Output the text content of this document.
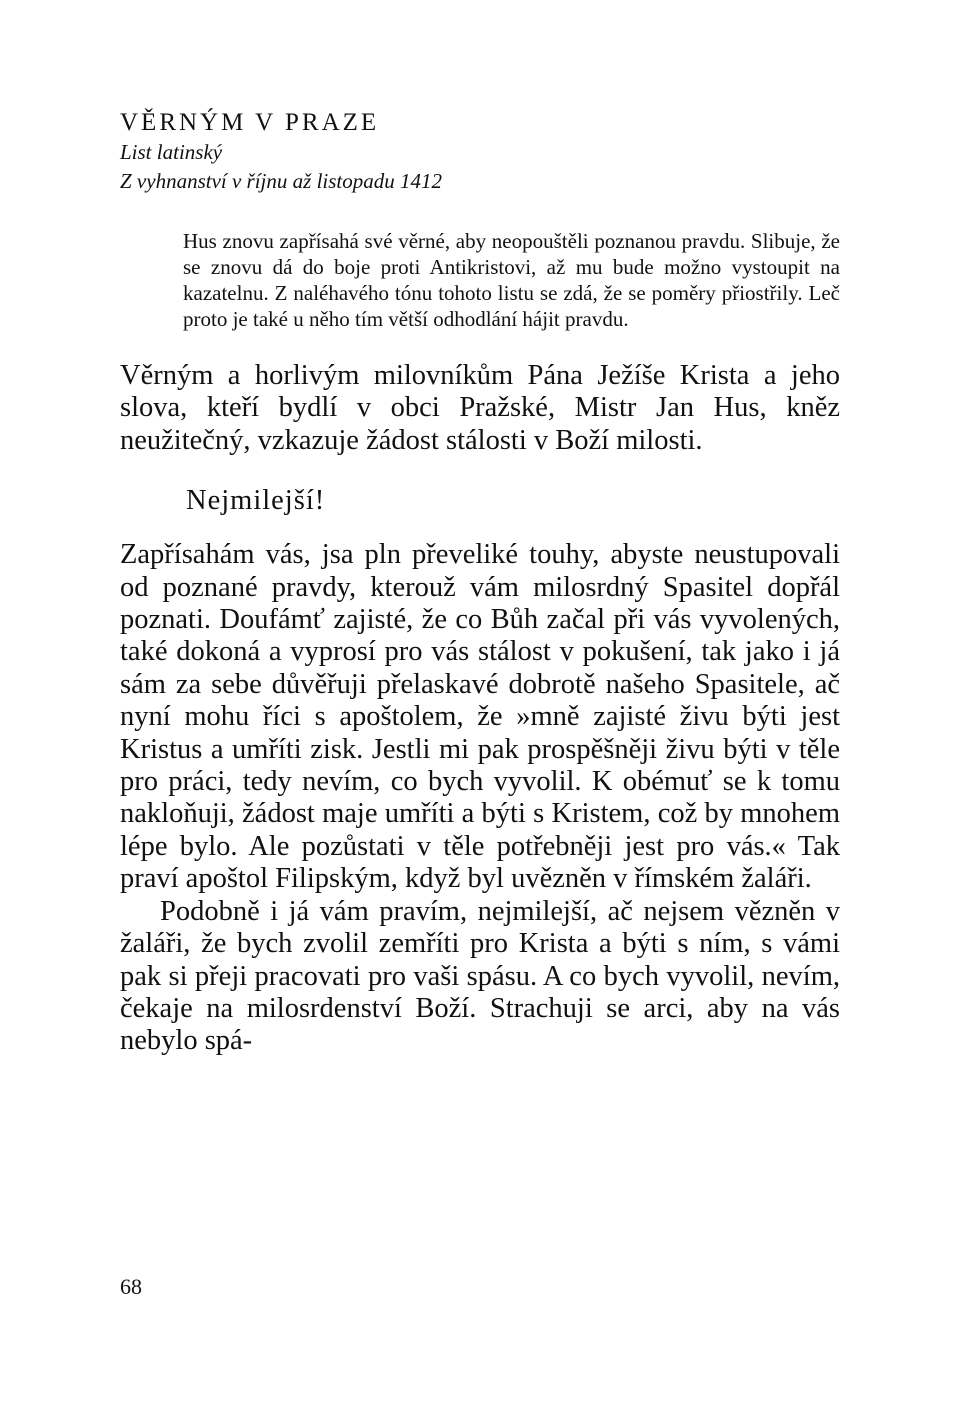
VĚRNÝM V PRAZE

List latinský

Z vyhnanství v říjnu až listopadu 1412

Hus znovu zapřísahá své věrné, aby neopouštěli poznanou pravdu. Slibuje, že se znovu dá do boje proti Antikristovi, až mu bude možno vystoupit na kazatelnu. Z naléhavého tónu tohoto listu se zdá, že se poměry přiostřily. Leč proto je také u něho tím větší odhodlání hájit pravdu.

Věrným a horlivým milovníkům Pána Ježíše Krista a jeho slova, kteří bydlí v obci Pražské, Mistr Jan Hus, kněz neužitečný, vzkazuje žádost stálosti v Boží milosti.

Nejmilejší!

Zapřísahám vás, jsa pln převeliké touhy, abyste neustupovali od poznané pravdy, kterouž vám milosrdný Spasitel dopřál poznati. Doufámť zajisté, že co Bůh začal při vás vyvolených, také dokoná a vyprosí pro vás stálost v pokušení, tak jako i já sám za sebe důvěřuji přelaskavé dobrotě našeho Spasitele, ač nyní mohu říci s apoštolem, že »mně zajisté živu býti jest Kristus a umříti zisk. Jestli mi pak prospěšněji živu býti v těle pro práci, tedy nevím, co bych vyvolil. K obémuť se k tomu nakloňuji, žádost maje umříti a býti s Kristem, což by mnohem lépe bylo. Ale pozůstati v těle potřebněji jest pro vás.« Tak praví apoštol Filipským, když byl uvězněn v římském žaláři.

Podobně i já vám pravím, nejmilejší, ač nejsem vězněn v žaláři, že bych zvolil zemříti pro Krista a býti s ním, s vámi pak si přeji pracovati pro vaši spásu. A co bych vyvolil, nevím, čekaje na milosrdenství Boží. Strachuji se arci, aby na vás nebylo spá-

68
